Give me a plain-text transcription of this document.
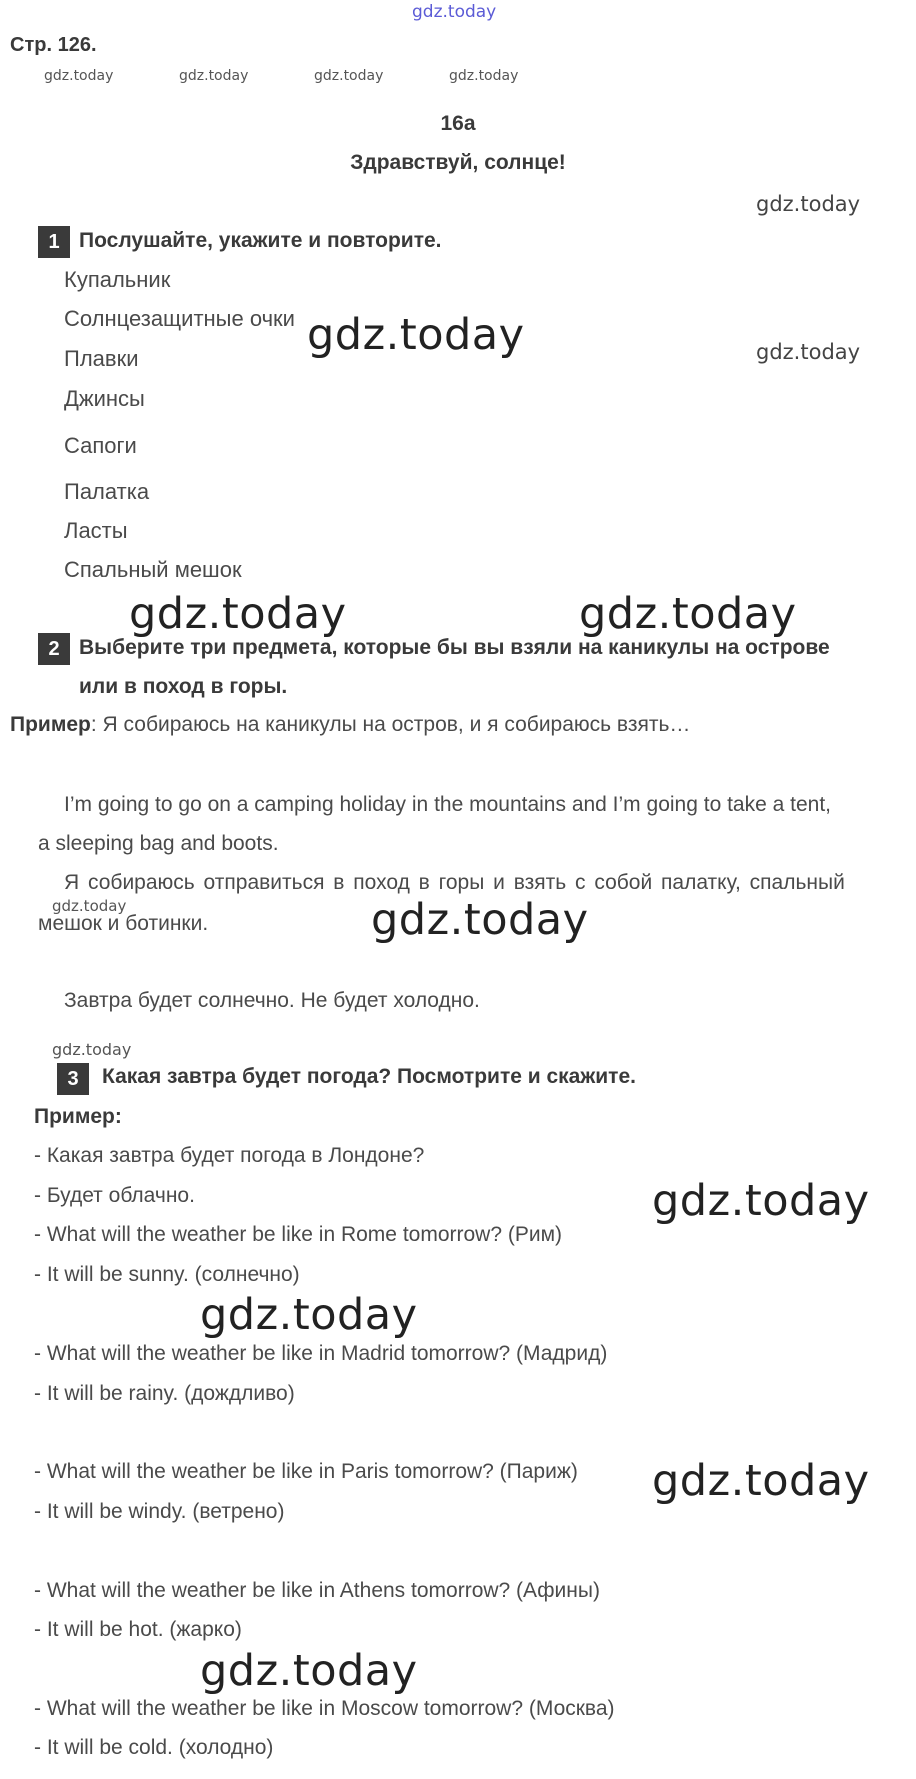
gdz.today
Стр. 126.
gdz.today	gdz.today	gdz.today	gdz.today
16a
Здравствуй, солнце!
gdz.today
1 Послушайте, укажите и повторите.
Купальник
Солнцезащитные очки
Плавки
Джинсы
Сапоги
Палатка
Ласты
Спальный мешок
gdz.today	gdz.today
gdz.today	gdz.today
2 Выберите три предмета, которые бы вы взяли на каникулы на острове
или в поход в горы.
Пример: Я собираюсь на каникулы на остров, и я собираюсь взять…
I’m going to go on a camping holiday in the mountains and I’m going to take a tent,
a sleeping bag and boots.
Я собираюсь отправиться в поход в горы и взять с собой палатку, спальный
gdz.today
мешок и ботинки.	gdz.today
Завтра будет солнечно. Не будет холодно.
gdz.today
3	Какая завтра будет погода? Посмотрите и скажите.
Пример:
- Какая завтра будет погода в Лондоне?
- Будет облачно.
- What will the weather be like in Rome tomorrow? (Рим)
- It will be sunny. (солнечно)
- What will the weather be like in Madrid tomorrow? (Мадрид)
- It will be rainy. (дождливо)
- What will the weather be like in Paris tomorrow? (Париж)
- It will be windy. (ветрено)
- What will the weather be like in Athens tomorrow? (Афины)
- It will be hot. (жарко)
- What will the weather be like in Moscow tomorrow? (Москва)
- It will be cold. (холодно)
gdz.today
gdz.today
gdz.today
gdz.today
